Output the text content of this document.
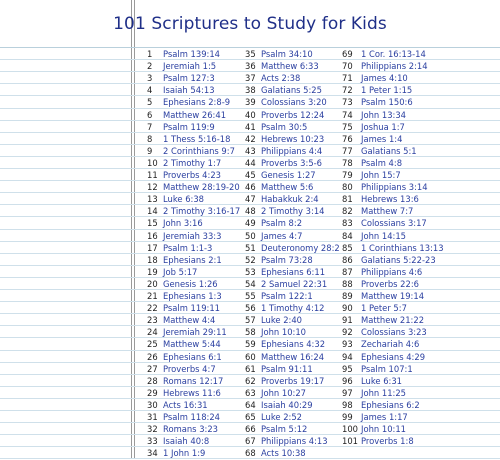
101 Scriptures to Study for Kids
1 Psalm 139:14
2 Jeremiah 1:5
3 Psalm 127:3
4 Isaiah 54:13
5 Ephesians 2:8-9
6 Matthew 26:41
7 Psalm 119:9
8 1 Thess 5:16-18
9 2 Corinthians 9:7
10 2 Timothy 1:7
11 Proverbs 4:23
12 Matthew 28:19-20
13 Luke 6:38
14 2 Timothy 3:16-17
15 John 3:16
16 Jeremiah 33:3
17 Psalm 1:1-3
18 Ephesians 2:1
19 Job 5:17
20 Genesis 1:26
21 Ephesians 1:3
22 Psalm 119:11
23 Matthew 4:4
24 Jeremiah 29:11
25 Matthew 5:44
26 Ephesians 6:1
27 Proverbs 4:7
28 Romans 12:17
29 Hebrews 11:6
30 Acts 16:31
31 Psalm 118:24
32 Romans 3:23
33 Isaiah 40:8
34 1 John 1:9
35 Psalm 34:10
36 Matthew 6:33
37 Acts 2:38
38 Galatians 5:25
39 Colossians 3:20
40 Proverbs 12:24
41 Psalm 30:5
42 Hebrews 10:23
43 Philippians 4:4
44 Proverbs 3:5-6
45 Genesis 1:27
46 Matthew 5:6
47 Habakkuk 2:4
48 2 Timothy 3:14
49 Psalm 8:2
50 James 4:7
51 Deuteronomy 28:2
52 Psalm 73:28
53 Ephesians 6:11
54 2 Samuel 22:31
55 Psalm 122:1
56 1 Timothy 4:12
57 Luke 2:40
58 John 10:10
59 Ephesians 4:32
60 Matthew 16:24
61 Psalm 91:11
62 Proverbs 19:17
63 John 10:27
64 Isaiah 40:29
65 Luke 2:52
66 Psalm 5:12
67 Philippians 4:13
68 Acts 10:38
69 1 Cor. 16:13-14
70 Philippians 2:14
71 James 4:10
72 1 Peter 1:15
73 Psalm 150:6
74 John 13:34
75 Joshua 1:7
76 James 1:4
77 Galatians 5:1
78 Psalm 4:8
79 John 15:7
80 Philippians 3:14
81 Hebrews 13:6
82 Matthew 7:7
83 Colossians 3:17
84 John 14:15
85 1 Corinthians 13:13
86 Galatians 5:22-23
87 Philippians 4:6
88 Proverbs 22:6
89 Matthew 19:14
90 1 Peter 5:7
91 Matthew 21:22
92 Colossians 3:23
93 Zechariah 4:6
94 Ephesians 4:29
95 Psalm 107:1
96 Luke 6:31
97 John 11:25
98 Ephesians 6:2
99 James 1:17
100 John 10:11
101 Proverbs 1:8
